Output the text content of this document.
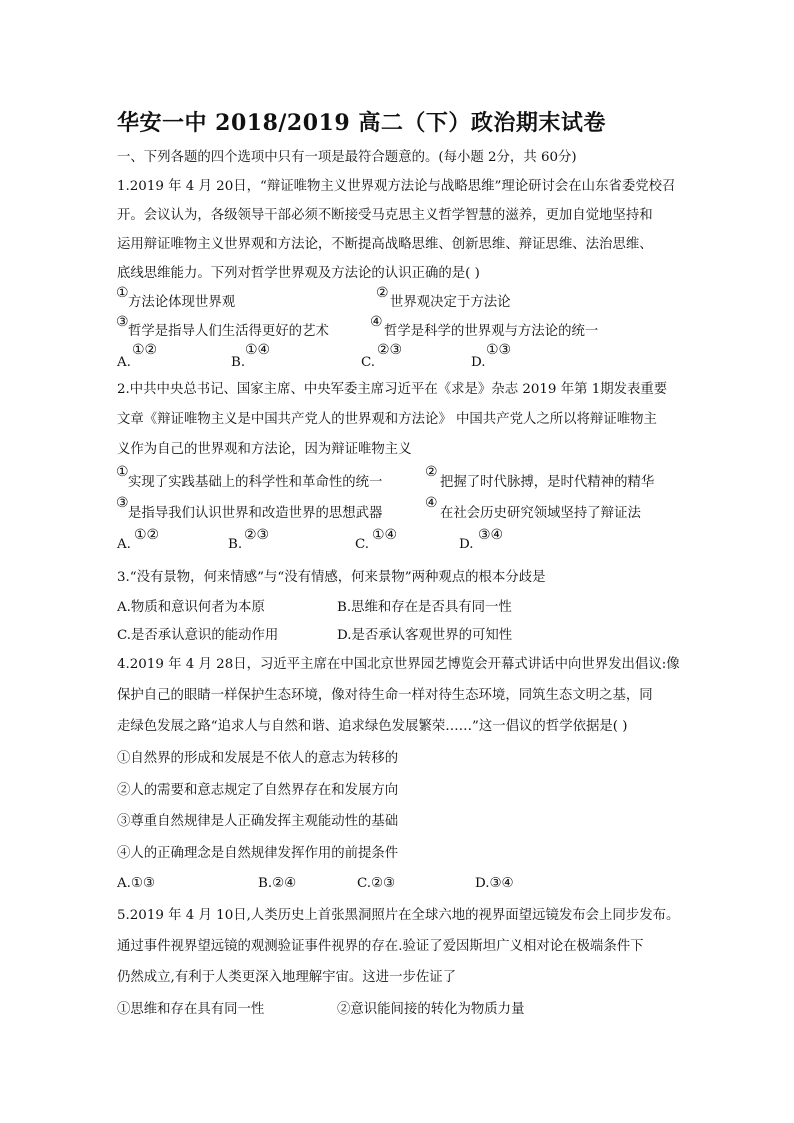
华安一中 2018/2019 高二（下）政治期末试卷
一、下列各题的四个选项中只有一项是最符合题意的。(每小题 2分，共 60分)
1.2019 年 4 月 20日，“辩证唯物主义世界观方法论与战略思维”理论研讨会在山东省委党校召
开。会议认为，各级领导干部必须不断接受马克思主义哲学智慧的滋养，更加自觉地坚持和
运用辩证唯物主义世界观和方法论，不断提高战略思维、创新思维、辩证思维、法治思维、
底线思维能力。下列对哲学世界观及方法论的认识正确的是( )
①
方法论体现世界观
②
世界观决定于方法论
③
哲学是指导人们生活得更好的艺术
④
哲学是科学的世界观与方法论的统一
A.
①②
B.
①④
C.
②③
D.
①③
2.中共中央总书记、国家主席、中央军委主席习近平在《求是》杂志 2019 年第 1期发表重要
文章《辩证唯物主义是中国共产党人的世界观和方法论》 中国共产党人之所以将辩证唯物主
义作为自己的世界观和方法论，因为辩证唯物主义
①
实现了实践基础上的科学性和革命性的统一
②
把握了时代脉搏，是时代精神的精华
③
是指导我们认识世界和改造世界的思想武器
④
在社会历史研究领域坚持了辩证法
A.
①②
B.
②③
C.
①④
D.
③④
3.“没有景物，何来情感”与“没有情感，何来景物”两种观点的根本分歧是
A.物质和意识何者为本原	B.思维和存在是否具有同一性
C.是否承认意识的能动作用	D.是否承认客观世界的可知性
4.2019 年 4 月 28日，习近平主席在中国北京世界园艺博览会开幕式讲话中向世界发出倡议:像
保护自己的眼睛一样保护生态环境，像对待生命一样对待生态环境，同筑生态文明之基，同
走绿色发展之路“追求人与自然和谐、追求绿色发展繁荣……”这一倡议的哲学依据是( )
①自然界的形成和发展是不依人的意志为转移的
②人的需要和意志规定了自然界存在和发展方向
③尊重自然规律是人正确发挥主观能动性的基础
④人的正确理念是自然规律发挥作用的前提条件
A.①③	B.②④	C.②③	D.③④
5.2019 年 4 月 10日,人类历史上首张黑洞照片在全球六地的视界面望远镜发布会上同步发布。
通过事件视界望远镜的观测验证事件视界的存在.验证了爱因斯坦广义相对论在极端条件下
仍然成立,有利于人类更深入地理解宇宙。这进一步佐证了
①思维和存在具有同一性	②意识能间接的转化为物质力量
